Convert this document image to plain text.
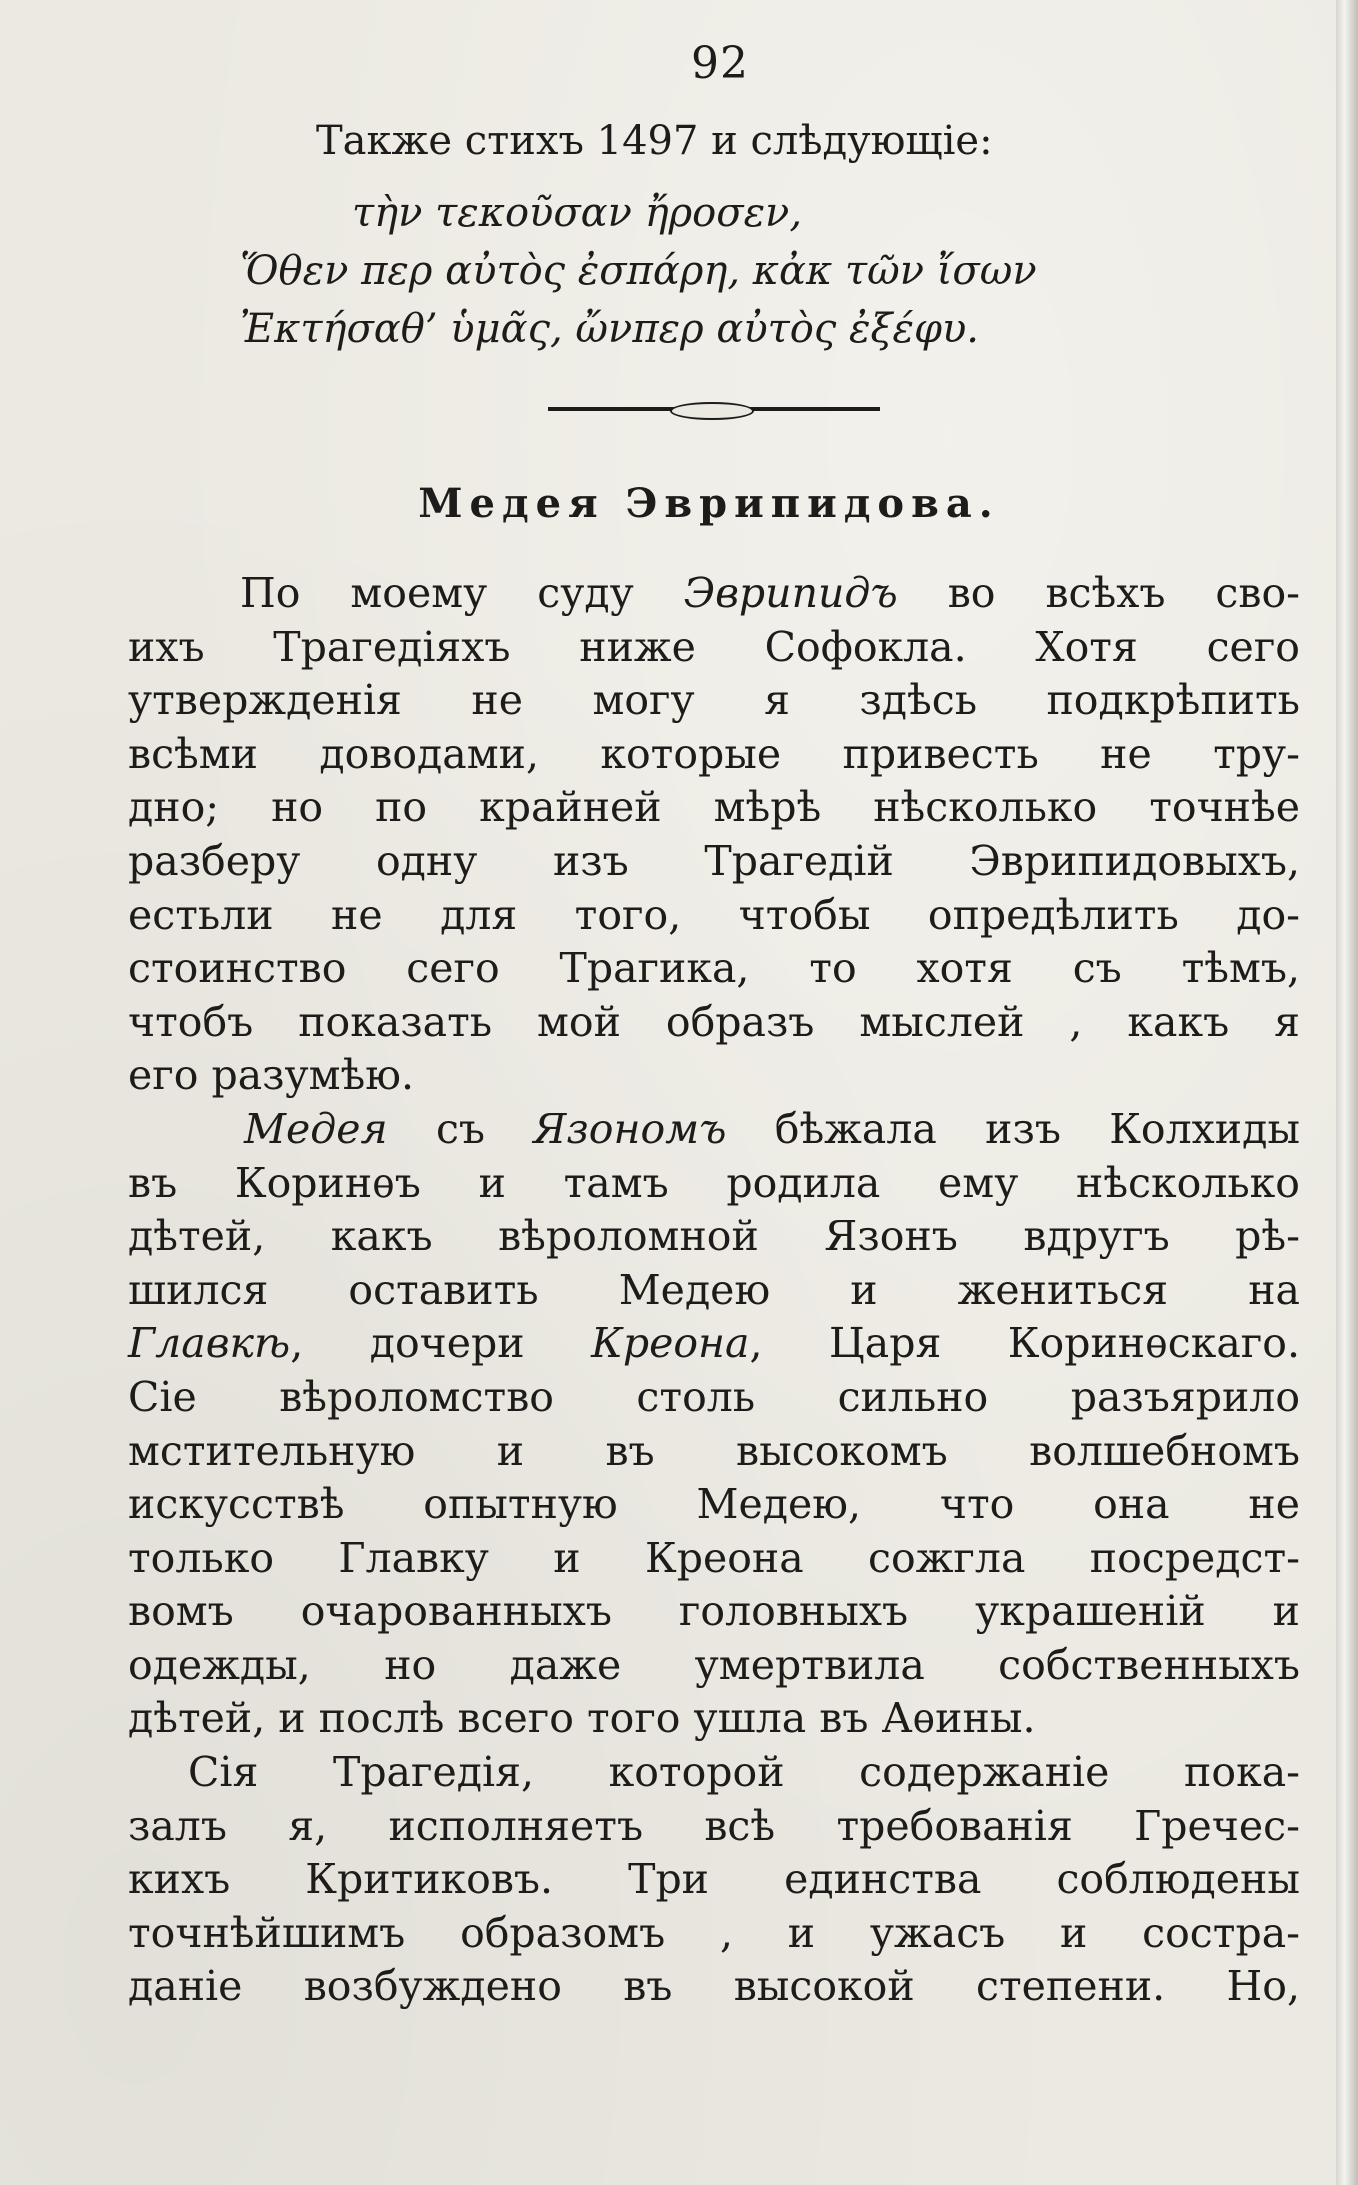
92
Также стихъ 1497 и слѣдующіе:
τὴν τεκοῦσαν ἤροσεν,
Ὅθεν περ αὐτὸς ἐσπάρη, κἀκ τῶν ἴσων
Ἐκτήσαθ’ ὑμᾶς, ὤνπερ αὐτὸς ἐξέφυ.
Медея Эврипидова.
По моему суду Эврипидъ во всѣхъ сво-
ихъ Трагедіяхъ ниже Софокла. Хотя сего
утвержденія не могу я здѣсь подкрѣпить
всѣми доводами, которые привесть не тру-
дно; но по крайней мѣрѣ нѣсколько точнѣе
разберу одну изъ Трагедій Эврипидовыхъ,
естьли не для того, чтобы опредѣлить до-
стоинство сего Трагика, то хотя съ тѣмъ,
чтобъ показать мой образъ мыслей , какъ я
его разумѣю.
Медея съ Язономъ бѣжала изъ Колхиды
въ Коринѳъ и тамъ родила ему нѣсколько
дѣтей, какъ вѣроломной Язонъ вдругъ рѣ-
шился оставить Медею и жениться на
Главкѣ, дочери Креона, Царя Коринѳскаго.
Сіе вѣроломство столь сильно разъярило
мстительную и въ высокомъ волшебномъ
искусствѣ опытную Медею, что она не
только Главку и Креона сожгла посредст-
вомъ очарованныхъ головныхъ украшеній и
одежды, но даже умертвила собственныхъ
дѣтей, и послѣ всего того ушла въ Аѳины.
Сія Трагедія, которой содержаніе пока-
залъ я, исполняетъ всѣ требованія Гречес-
кихъ Критиковъ. Три единства соблюдены
точнѣйшимъ образомъ , и ужасъ и сострa-
даніе возбуждено въ высокой степени. Но,
